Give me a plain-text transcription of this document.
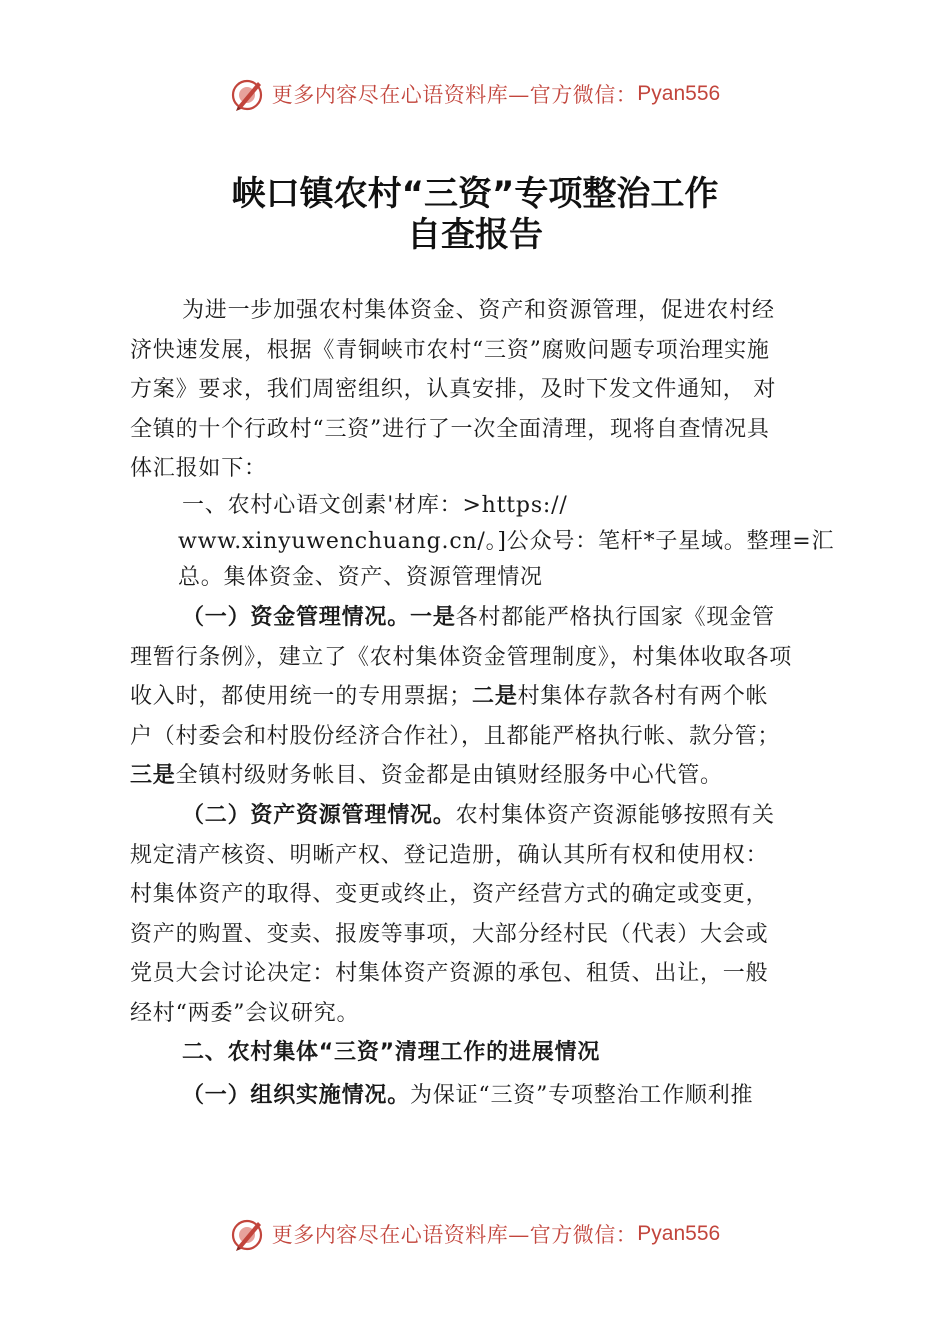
更多内容尽在心语资料库—官方微信： Pyan556
峡口镇农村“三资”专项整治工作
自查报告
为进一步加强农村集体资金、资产和资源管理，促进农村经
济快速发展，根据《青铜峡市农村“三资”腐败问题专项治理实施
方案》要求，我们周密组织，认真安排，及时下发文件通知， 对
全镇的十个行政村“三资”进行了一次全面清理，现将自查情况具
体汇报如下：
一、农村心语文创素'材库：>https://
www.xinyuwenchuang.cn/。]公众号：笔杆*子星域。整理=汇
总。集体资金、资产、资源管理情况
（一）资金管理情况。一是各村都能严格执行国家《现金管
理暂行条例》，建立了《农村集体资金管理制度》，村集体收取各项
收入时，都使用统一的专用票据；二是村集体存款各村有两个帐
户（村委会和村股份经济合作社），且都能严格执行帐、款分管；
三是全镇村级财务帐目、资金都是由镇财经服务中心代管。
（二）资产资源管理情况。农村集体资产资源能够按照有关
规定清产核资、明晰产权、登记造册，确认其所有权和使用权：
村集体资产的取得、变更或终止，资产经营方式的确定或变更，
资产的购置、变卖、报废等事项，大部分经村民（代表）大会或
党员大会讨论决定：村集体资产资源的承包、租赁、出让，一般
经村“两委”会议研究。
二、农村集体“三资”清理工作的进展情况
（一）组织实施情况。为保证“三资”专项整治工作顺利推
更多内容尽在心语资料库—官方微信： Pyan556
